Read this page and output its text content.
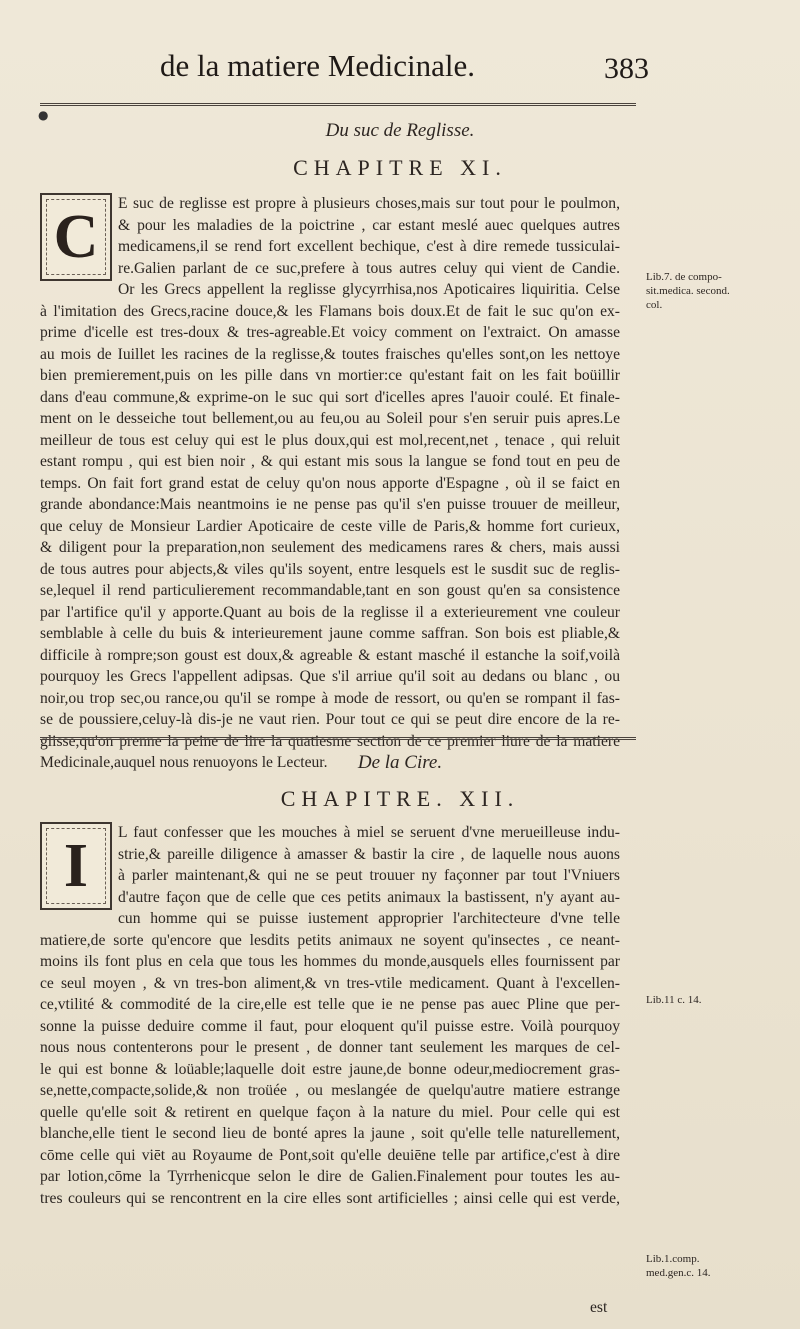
de la matiere Medicinale.	383
●
Du suc de Reglisse.
CHAPITRE XI.
C	E suc de reglisse est propre à plusieurs choses,mais sur tout pour le poulmon,
& pour les maladies de la poictrine , car estant meslé auec quelques autres
medicamens,il se rend fort excellent bechique, c'est à dire remede tussiculai-
re.Galien parlant de ce suc,prefere à tous autres celuy qui vient de Candie.
Or les Grecs appellent la reglisse glycyrrhisa,nos Apoticaires liquiritia. Celse
à l'imitation des Grecs,racine douce,& les Flamans bois doux.Et de fait le suc qu'on ex-
prime d'icelle est tres-doux & tres-agreable.Et voicy comment on l'extraict. On amasse
au mois de Iuillet les racines de la reglisse,& toutes fraisches qu'elles sont,on les nettoye
bien premierement,puis on les pille dans vn mortier:ce qu'estant fait on les fait boüillir
dans d'eau commune,& exprime-on le suc qui sort d'icelles apres l'auoir coulé. Et finale-
ment on le desseiche tout bellement,ou au feu,ou au Soleil pour s'en seruir puis apres.Le
meilleur de tous est celuy qui est le plus doux,qui est mol,recent,net , tenace , qui reluit
estant rompu , qui est bien noir , & qui estant mis sous la langue se fond tout en peu de
temps. On fait fort grand estat de celuy qu'on nous apporte d'Espagne , où il se faict en
grande abondance:Mais neantmoins ie ne pense pas qu'il s'en puisse trouuer de meilleur,
que celuy de Monsieur Lardier Apoticaire de ceste ville de Paris,& homme fort curieux,
& diligent pour la preparation,non seulement des medicamens rares & chers, mais aussi
de tous autres pour abjects,& viles qu'ils soyent, entre lesquels est le susdit suc de reglis-
se,lequel il rend particulierement recommandable,tant en son goust qu'en sa consistence
par l'artifice qu'il y apporte.Quant au bois de la reglisse il a exterieurement vne couleur
semblable à celle du buis & interieurement jaune comme saffran. Son bois est pliable,&
difficile à rompre;son goust est doux,& agreable & estant masché il estanche la soif,voilà
pourquoy les Grecs l'appellent adipsas. Que s'il arriue qu'il soit au dedans ou blanc , ou
noir,ou trop sec,ou rance,ou qu'il se rompe à mode de ressort, ou qu'en se rompant il fas-
se de poussiere,celuy-là dis-je ne vaut rien. Pour tout ce qui se peut dire encore de la re-
glisse,qu'on prenne la peine de lire la quatiesme section de ce premier liure de la matiere
Medicinale,auquel nous renuoyons le Lecteur.
Lib.7. de composit.medica. second. col.
De la Cire.
CHAPITRE. XII.
I	L faut confesser que les mouches à miel se seruent d'vne merueilleuse indu-
strie,& pareille diligence à amasser & bastir la cire , de laquelle nous auons
à parler maintenant,& qui ne se peut trouuer ny façonner par tout l'Vniuers
d'autre façon que de celle que ces petits animaux la bastissent, n'y ayant au-
cun homme qui se puisse iustement approprier l'architecteure d'vne telle
matiere,de sorte qu'encore que lesdits petits animaux ne soyent qu'insectes , ce neant-
moins ils font plus en cela que tous les hommes du monde,ausquels elles fournissent par
ce seul moyen , & vn tres-bon aliment,& vn tres-vtile medicament. Quant à l'excellen-
ce,vtilité & commodité de la cire,elle est telle que ie ne pense pas auec Pline que per-
sonne la puisse deduire comme il faut, pour eloquent qu'il puisse estre. Voilà pourquoy
nous nous contenterons pour le present , de donner tant seulement les marques de cel-
le qui est bonne & loüable;laquelle doit estre jaune,de bonne odeur,mediocrement gras-
se,nette,compacte,solide,& non troüée , ou meslangée de quelqu'autre matiere estrange
quelle qu'elle soit & retirent en quelque façon à la nature du miel. Pour celle qui est
blanche,elle tient le second lieu de bonté apres la jaune , soit qu'elle telle naturellement,
cōme celle qui viēt au Royaume de Pont,soit qu'elle deuiēne telle par artifice,c'est à dire
par lotion,cōme la Tyrrhenicque selon le dire de Galien.Finalement pour toutes les au-
tres couleurs qui se rencontrent en la cire elles sont artificielles ; ainsi celle qui est verde,
est
Lib.11 c. 14.
Lib.1.comp. med.gen.c. 14.
